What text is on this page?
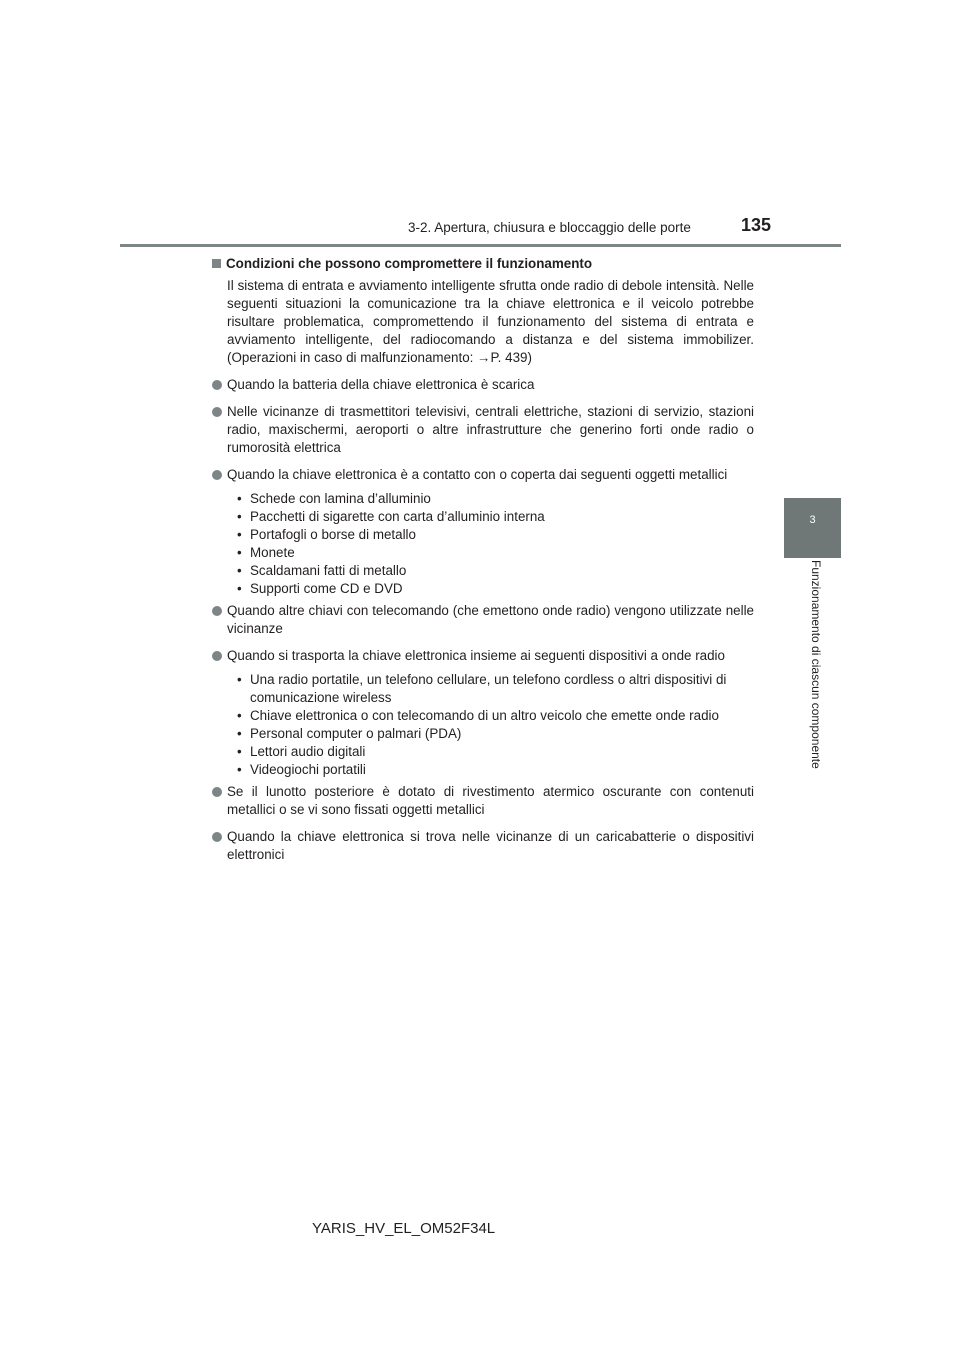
3-2. Apertura, chiusura e bloccaggio delle porte	135
3
Funzionamento di ciascun componente
Condizioni che possono compromettere il funzionamento

Il sistema di entrata e avviamento intelligente sfrutta onde radio di debole intensità. Nelle seguenti situazioni la comunicazione tra la chiave elettronica e il veicolo potrebbe risultare problematica, compromettendo il funzionamento del sistema di entrata e avviamento intelligente, del radiocomando a distanza e del sistema immobilizer. (Operazioni in caso di malfunzionamento: →P. 439)

Quando la batteria della chiave elettronica è scarica
Nelle vicinanze di trasmettitori televisivi, centrali elettriche, stazioni di servizio, stazioni radio, maxischermi, aeroporti o altre infrastrutture che generino forti onde radio o rumorosità elettrica
Quando la chiave elettronica è a contatto con o coperta dai seguenti oggetti metallici
• Schede con lamina d’alluminio
• Pacchetti di sigarette con carta d’alluminio interna
• Portafogli o borse di metallo
• Monete
• Scaldamani fatti di metallo
• Supporti come CD e DVD
Quando altre chiavi con telecomando (che emettono onde radio) vengono utilizzate nelle vicinanze
Quando si trasporta la chiave elettronica insieme ai seguenti dispositivi a onde radio
• Una radio portatile, un telefono cellulare, un telefono cordless o altri dispositivi di comunicazione wireless
• Chiave elettronica o con telecomando di un altro veicolo che emette onde radio
• Personal computer o palmari (PDA)
• Lettori audio digitali
• Videogiochi portatili
Se il lunotto posteriore è dotato di rivestimento atermico oscurante con contenuti metallici o se vi sono fissati oggetti metallici
Quando la chiave elettronica si trova nelle vicinanze di un caricabatterie o dispositivi elettronici
YARIS_HV_EL_OM52F34L
